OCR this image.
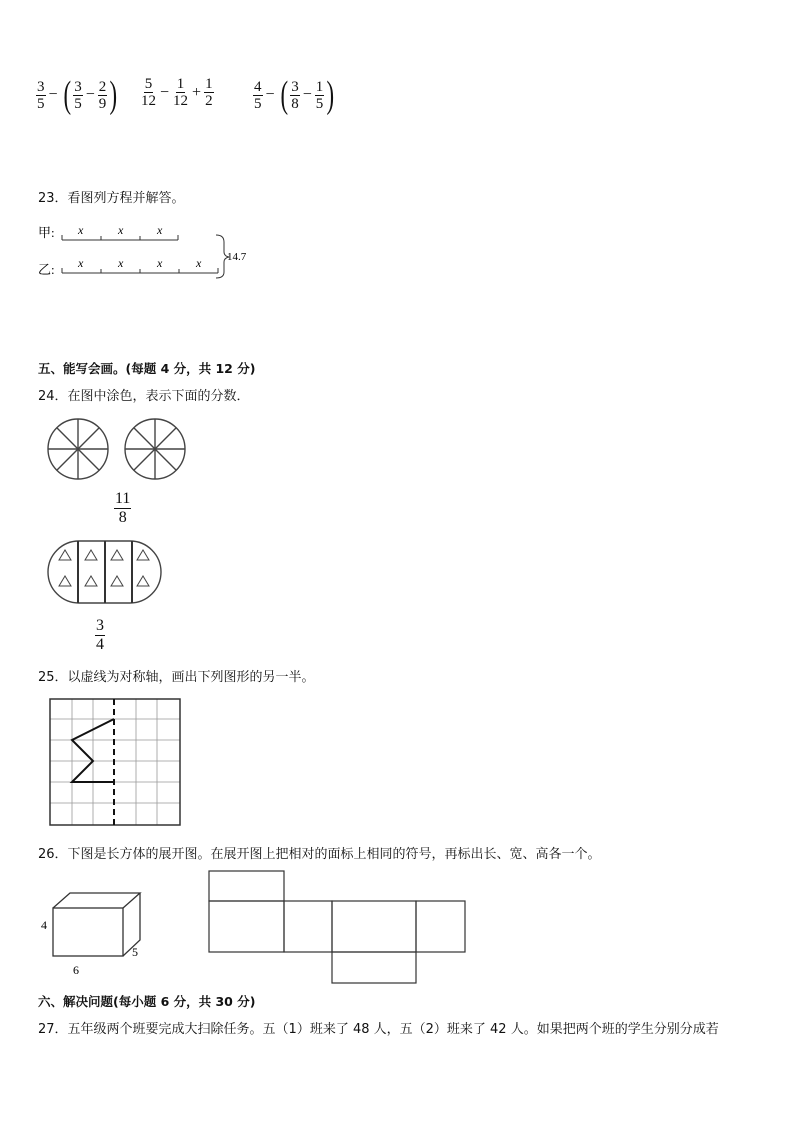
$\frac{3}{5}$ − ( $\frac{3}{5} - \frac{2}{9}$ ) $\frac{5}{12} - \frac{1}{12} + \frac{1}{2}$	$\frac{4}{5}$ − ( $\frac{3}{8} - \frac{1}{5}$ )
23．看图列方程并解答。
甲:
乙:
x	x	x
x	x	x	x 14.7
五、能写会画。(每题 4 分，共 12 分)
24．在图中涂色，表示下面的分数．
$\frac{11}{8}$
$\frac{3}{4}$
25．以虚线为对称轴，画出下列图形的另一半。
26．下图是长方体的展开图。在展开图上把相对的面标上相同的符号，再标出长、宽、高各一个。
4
5
6
六、解决问题(每小题 6 分，共 30 分)
27．五年级两个班要完成大扫除任务。五（1）班来了 48 人，五（2）班来了 42 人。如果把两个班的学生分别分成若
